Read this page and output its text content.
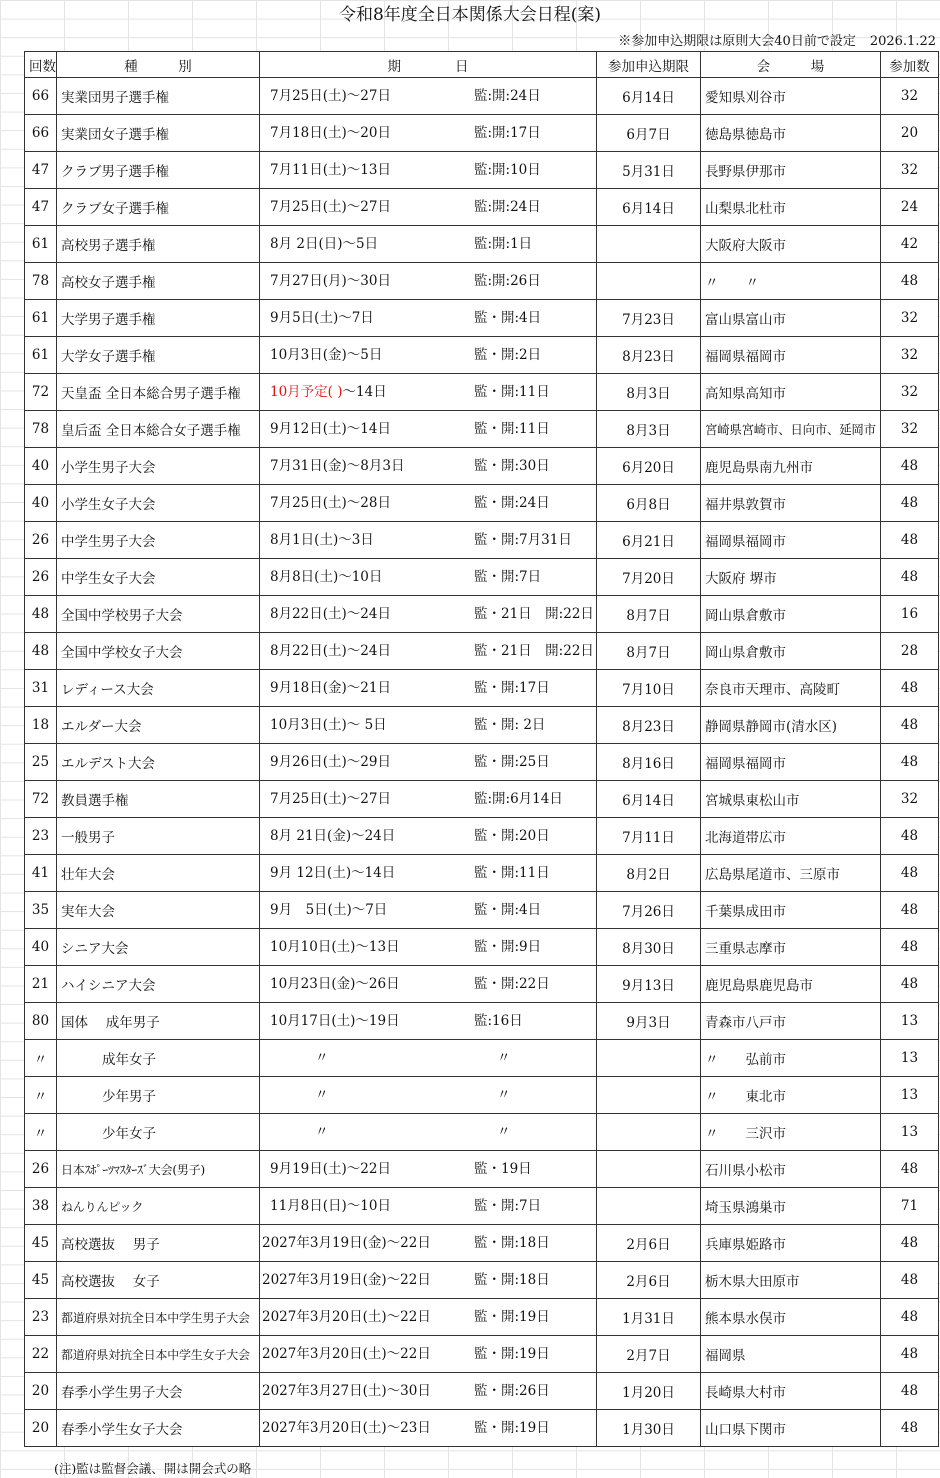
令和8年度全日本関係大会日程(案)
※参加申込期限は原則大会40日前で設定 2026.1.22
回数	種　　　別	期　　　　日	参加申込期限	会　　　場	参加数
66	実業団男子選手権	7月25日(土)～27日 監:開:24日	6月14日	愛知県刈谷市	32
66	実業団女子選手権	7月18日(土)～20日 監:開:17日	6月7日	徳島県徳島市	20
47	クラブ男子選手権	7月11日(土)～13日 監:開:10日	5月31日	長野県伊那市	32
47	クラブ女子選手権	7月25日(土)～27日 監:開:24日	6月14日	山梨県北杜市	24
61	高校男子選手権	8月 2日(日)～5日 監:開:1日		大阪府大阪市	42
78	高校女子選手権	7月27日(月)～30日 監:開:26日		〃　　〃	48
61	大学男子選手権	9月5日(土)～7日 監・開:4日	7月23日	富山県富山市	32
61	大学女子選手権	10月3日(金)～5日 監・開:2日	8月23日	福岡県福岡市	32
72	天皇盃 全日本総合男子選手権	10月予定( )～14日 監・開:11日	8月3日	高知県高知市	32
78	皇后盃 全日本総合女子選手権	9月12日(土)～14日 監・開:11日	8月3日	宮崎県宮崎市、日向市、延岡市	32
40	小学生男子大会	7月31日(金)～8月3日 監・開:30日	6月20日	鹿児島県南九州市	48
40	小学生女子大会	7月25日(土)～28日 監・開:24日	6月8日	福井県敦賀市	48
26	中学生男子大会	8月1日(土)～3日 監・開:7月31日	6月21日	福岡県福岡市	48
26	中学生女子大会	8月8日(土)～10日 監・開:7日	7月20日	大阪府 堺市	48
48	全国中学校男子大会	8月22日(土)～24日 監・21日　開:22日	8月7日	岡山県倉敷市	16
48	全国中学校女子大会	8月22日(土)～24日 監・21日　開:22日	8月7日	岡山県倉敷市	28
31	レディース大会	9月18日(金)～21日 監・開:17日	7月10日	奈良市天理市、高陵町	48
18	エルダー大会	10月3日(土)～ 5日 監・開: 2日	8月23日	静岡県静岡市(清水区)	48
25	エルデスト大会	9月26日(土)～29日 監・開:25日	8月16日	福岡県福岡市	48
72	教員選手権	7月25日(土)～27日 監:開:6月14日	6月14日	宮城県東松山市	32
23	一般男子	8月 21日(金)～24日 監・開:20日	7月11日	北海道帯広市	48
41	壮年大会	9月 12日(土)～14日 監・開:11日	8月2日	広島県尾道市、三原市	48
35	実年大会	9月　5日(土)～7日 監・開:4日	7月26日	千葉県成田市	48
40	シニア大会	10月10日(土)～13日 監・開:9日	8月30日	三重県志摩市	48
21	ハイシニア大会	10月23日(金)～26日 監・開:22日	9月13日	鹿児島県鹿児島市	48
80	国体　 成年男子	10月17日(土)～19日 監:16日	9月3日	青森市八戸市	13
〃	成年女子	〃 〃		〃　　弘前市	13
〃	少年男子	〃 〃		〃　　東北市	13
〃	少年女子	〃 〃		〃　　三沢市	13
26	日本ｽﾎﾟｰﾂﾏｽﾀｰｽﾞ大会(男子)	9月19日(土)～22日 監・19日		石川県小松市	48
38	ねんりんピック	11月8日(日)～10日 監・開:7日		埼玉県鴻巣市	71
45	高校選抜　 男子	2027年3月19日(金)～22日 監・開:18日	2月6日	兵庫県姫路市	48
45	高校選抜　 女子	2027年3月19日(金)～22日 監・開:18日	2月6日	栃木県大田原市	48
23	都道府県対抗全日本中学生男子大会	2027年3月20日(土)～22日 監・開:19日	1月31日	熊本県水俣市	48
22	都道府県対抗全日本中学生女子大会	2027年3月20日(土)～22日 監・開:19日	2月7日	福岡県	48
20	春季小学生男子大会	2027年3月27日(土)～30日 監・開:26日	1月20日	長崎県大村市	48
20	春季小学生女子大会	2027年3月20日(土)～23日 監・開:19日	1月30日	山口県下関市	48
(注)監は監督会議、開は開会式の略
